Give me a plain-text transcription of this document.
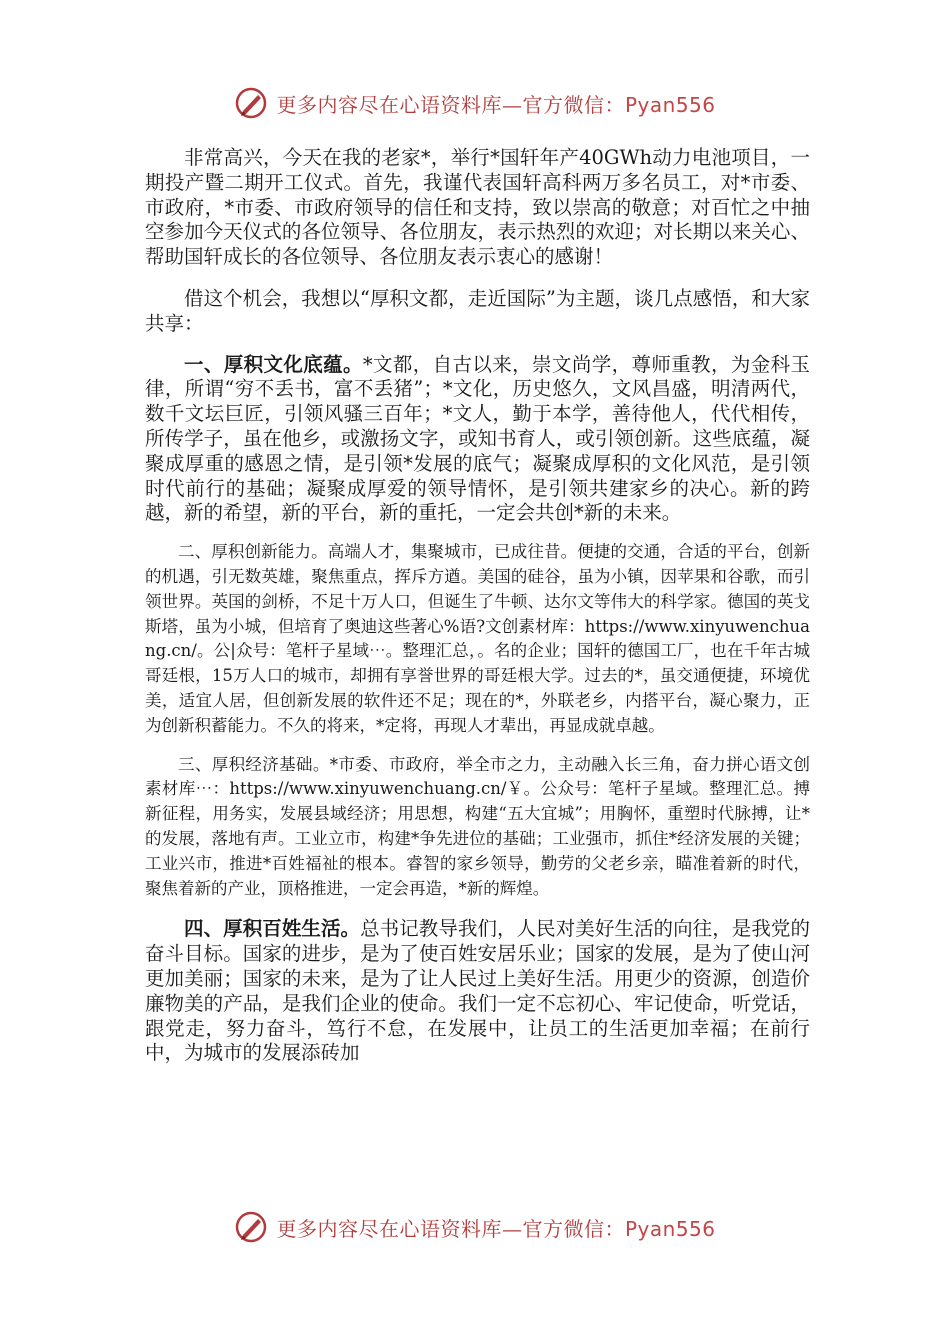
更多内容尽在心语资料库—官方微信：Pyan556

非常高兴，今天在我的老家*，举行*国轩年产40GWh动力电池项目，一期投产暨二期开工仪式。首先，我谨代表国轩高科两万多名员工，对*市委、市政府，*市委、市政府领导的信任和支持，致以崇高的敬意；对百忙之中抽空参加今天仪式的各位领导、各位朋友，表示热烈的欢迎；对长期以来关心、帮助国轩成长的各位领导、各位朋友表示衷心的感谢！

借这个机会，我想以“厚积文都，走近国际”为主题，谈几点感悟，和大家共享：

一、厚积文化底蕴。*文都，自古以来，崇文尚学，尊师重教，为金科玉律，所谓“穷不丢书，富不丢猪”；*文化，历史悠久，文风昌盛，明清两代，数千文坛巨匠，引领风骚三百年；*文人，勤于本学，善待他人，代代相传，所传学子，虽在他乡，或激扬文字，或知书育人，或引领创新。这些底蕴，凝聚成厚重的感恩之情，是引领*发展的底气；凝聚成厚积的文化风范，是引领时代前行的基础；凝聚成厚爱的领导情怀，是引领共建家乡的决心。新的跨越，新的希望，新的平台，新的重托，一定会共创*新的未来。

二、厚积创新能力。高端人才，集聚城市，已成往昔。便捷的交通，合适的平台，创新的机遇，引无数英雄，聚焦重点，挥斥方遒。美国的硅谷，虽为小镇，因苹果和谷歌，而引领世界。英国的剑桥，不足十万人口，但诞生了牛顿、达尔文等伟大的科学家。德国的英戈斯塔，虽为小城，但培育了奥迪这些著心%语?文创素材库：https://www.xinyuwenchuang.cn/。公|众号：笔杆子星域⋯。整理汇总，。名的企业；国轩的德国工厂，也在千年古城哥廷根，15万人口的城市，却拥有享誉世界的哥廷根大学。过去的*，虽交通便捷，环境优美，适宜人居，但创新发展的软件还不足；现在的*，外联老乡，内搭平台，凝心聚力，正为创新积蓄能力。不久的将来，*定将，再现人才辈出，再显成就卓越。

三、厚积经济基础。*市委、市政府，举全市之力，主动融入长三角，奋力拼心语文创素材库⋯：https://www.xinyuwenchuang.cn/￥。公众号：笔杆子星域。整理汇总。搏新征程，用务实，发展县域经济；用思想，构建“五大宜城”；用胸怀，重塑时代脉搏，让*的发展，落地有声。工业立市，构建*争先进位的基础；工业强市，抓住*经济发展的关键；工业兴市，推进*百姓福祉的根本。睿智的家乡领导，勤劳的父老乡亲，瞄准着新的时代，聚焦着新的产业，顶格推进，一定会再造，*新的辉煌。

四、厚积百姓生活。总书记教导我们，人民对美好生活的向往，是我党的奋斗目标。国家的进步，是为了使百姓安居乐业；国家的发展，是为了使山河更加美丽；国家的未来，是为了让人民过上美好生活。用更少的资源，创造价廉物美的产品，是我们企业的使命。我们一定不忘初心、牢记使命，听党话，跟党走，努力奋斗，笃行不怠，在发展中，让员工的生活更加幸福；在前行中，为城市的发展添砖加

更多内容尽在心语资料库—官方微信：Pyan556
